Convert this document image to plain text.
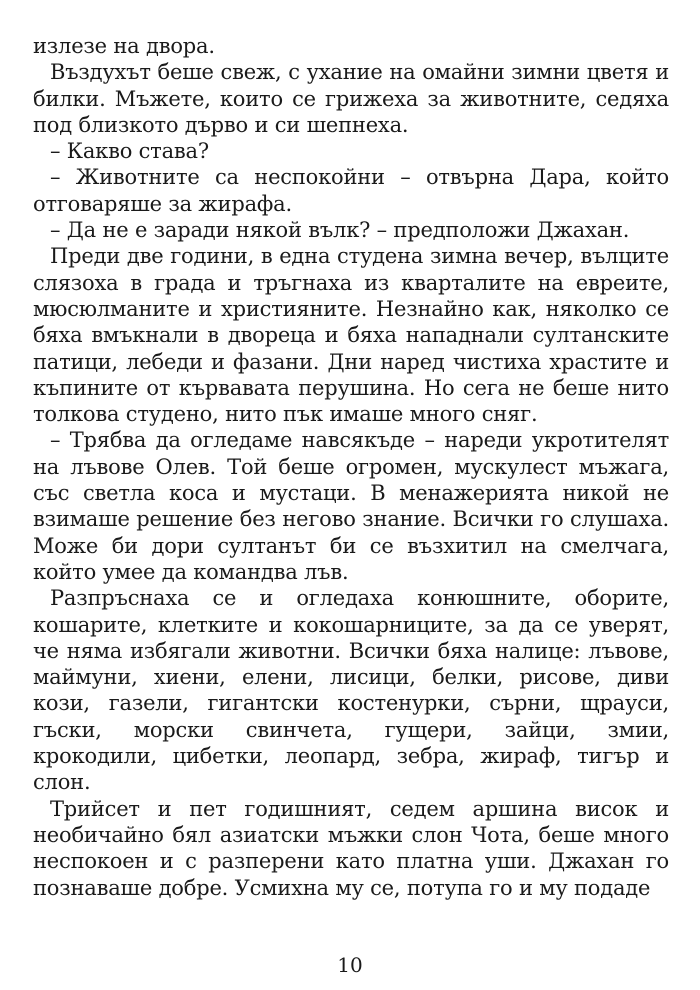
излезе на двора.

Въздухът беше свеж, с ухание на омайни зимни цветя и билки. Мъжете, които се грижеха за животните, седяха под близкото дърво и си шепнеха.

– Какво става?

– Животните са неспокойни – отвърна Дара, който отговаряше за жирафа.

– Да не е заради някой вълк? – предположи Джахан.

Преди две години, в една студена зимна вечер, вълците слязоха в града и тръгнаха из кварталите на евреите, мюсюлманите и християните. Незнайно как, няколко се бяха вмъкнали в двореца и бяха нападнали султанските патици, лебеди и фазани. Дни наред чистиха храстите и къпините от кървавата перушина. Но сега не беше нито толкова студено, нито пък имаше много сняг.

– Трябва да огледаме навсякъде – нареди укротителят на лъвове Олев. Той беше огромен, мускулест мъжага, със светла коса и мустаци. В менажерията никой не взимаше решение без негово знание. Всички го слушаха. Може би дори султанът би се възхитил на смелчага, който умее да командва лъв.

Разпръснаха се и огледаха конюшните, оборите, кошарите, клетките и кокошарниците, за да се уверят, че няма избягали животни. Всички бяха налице: лъвове, маймуни, хиени, елени, лисици, белки, рисове, диви кози, газели, гигантски костенурки, сърни, щрауси, гъски, морски свинчета, гущери, зайци, змии, крокодили, цибетки, леопард, зебра, жираф, тигър и слон.

Трийсет и пет годишният, седем аршина висок и необичайно бял азиатски мъжки слон Чота, беше много неспокоен и с разперени като платна уши. Джахан го познаваше добре. Усмихна му се, потупа го и му подаде

10
